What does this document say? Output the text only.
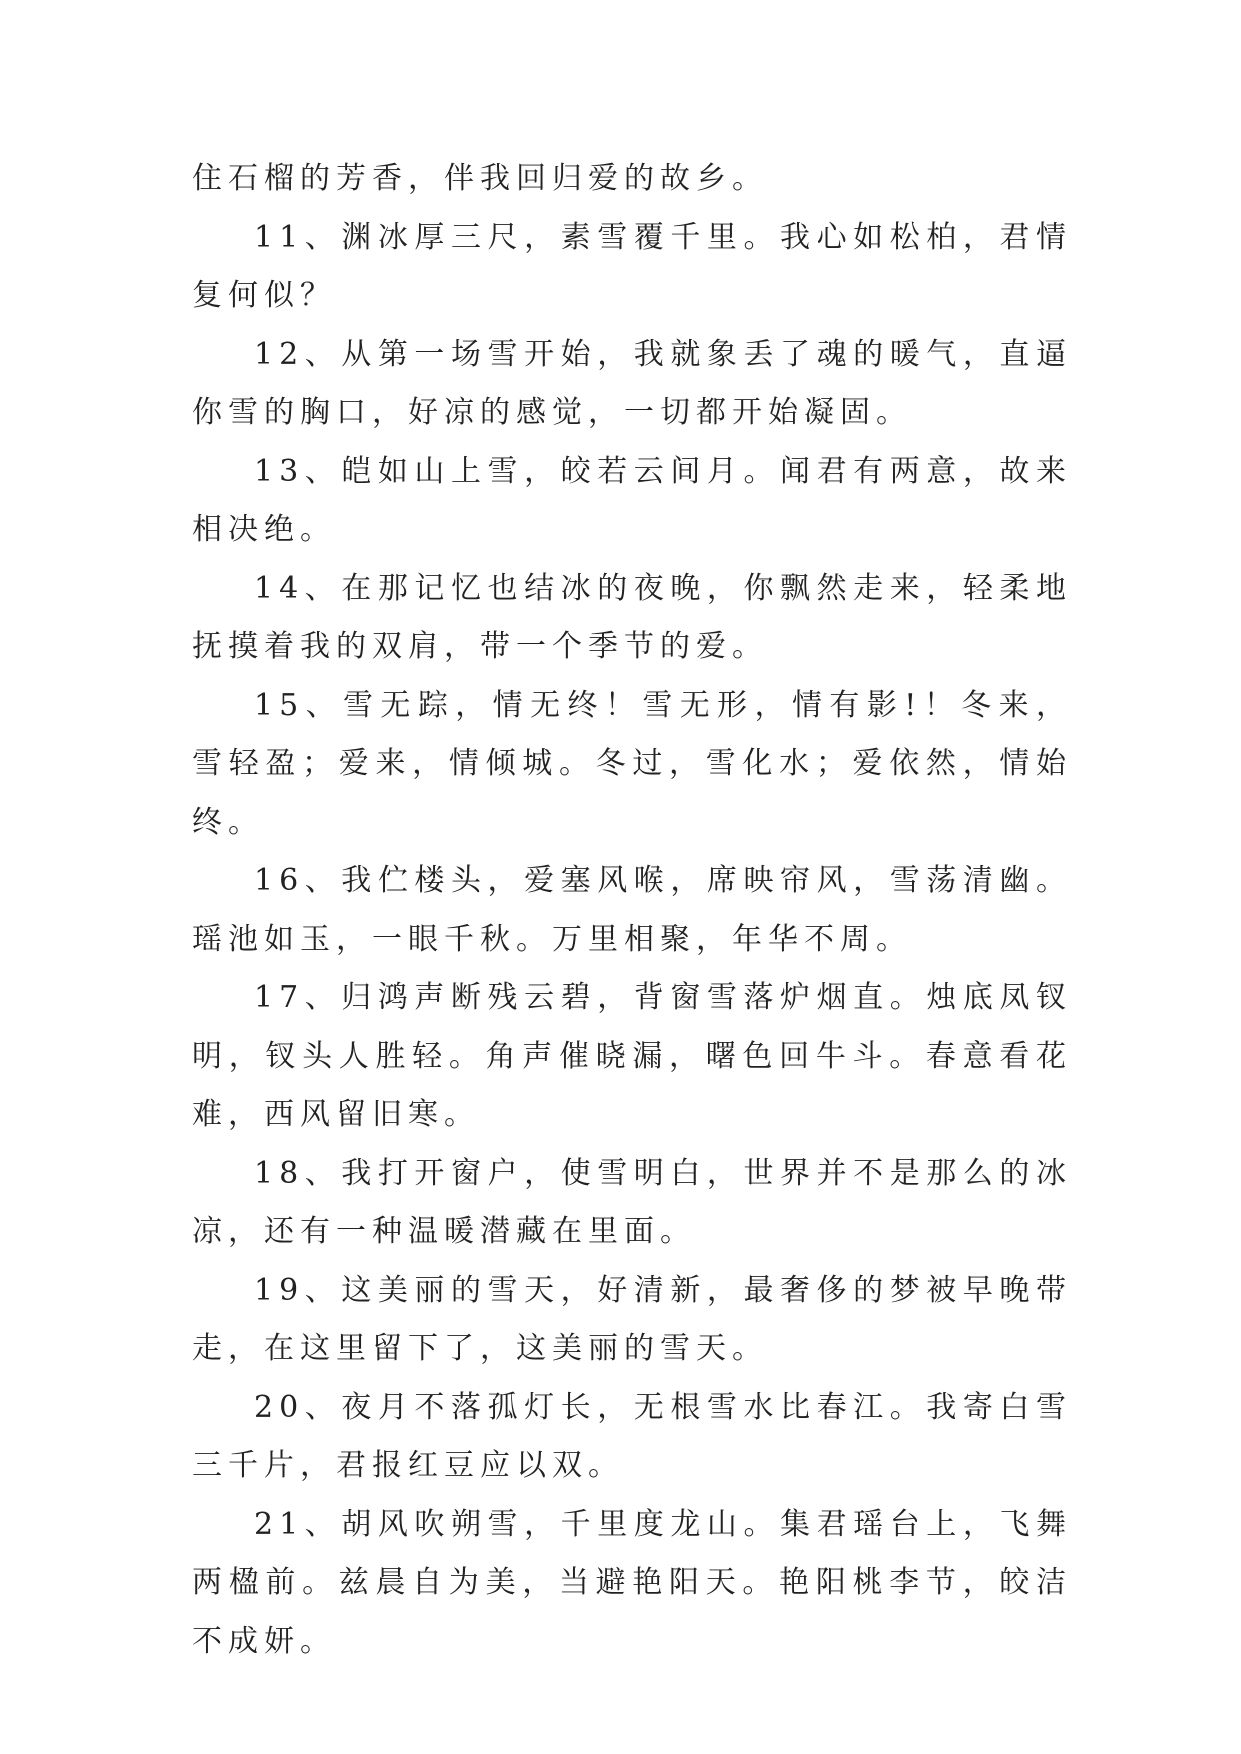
住石榴的芳香，伴我回归爱的故乡。

11、渊冰厚三尺，素雪覆千里。我心如松柏，君情复何似？

12、从第一场雪开始，我就象丢了魂的暖气，直逼你雪的胸口，好凉的感觉，一切都开始凝固。

13、皑如山上雪，皎若云间月。闻君有两意，故来相决绝。

14、在那记忆也结冰的夜晚，你飘然走来，轻柔地抚摸着我的双肩，带一个季节的爱。

15、雪无踪，情无终！雪无形，情有影!！冬来，雪轻盈；爱来，情倾城。冬过，雪化水；爱依然，情始终。

16、我伫楼头，爱塞风喉，席映帘风，雪荡清幽。瑶池如玉，一眼千秋。万里相聚，年华不周。

17、归鸿声断残云碧，背窗雪落炉烟直。烛底凤钗明，钗头人胜轻。角声催晓漏，曙色回牛斗。春意看花难，西风留旧寒。

18、我打开窗户，使雪明白，世界并不是那么的冰凉，还有一种温暖潜藏在里面。

19、这美丽的雪天，好清新，最奢侈的梦被早晚带走，在这里留下了，这美丽的雪天。

20、夜月不落孤灯长，无根雪水比春江。我寄白雪三千片，君报红豆应以双。

21、胡风吹朔雪，千里度龙山。集君瑶台上，飞舞两楹前。兹晨自为美，当避艳阳天。艳阳桃李节，皎洁不成妍。
